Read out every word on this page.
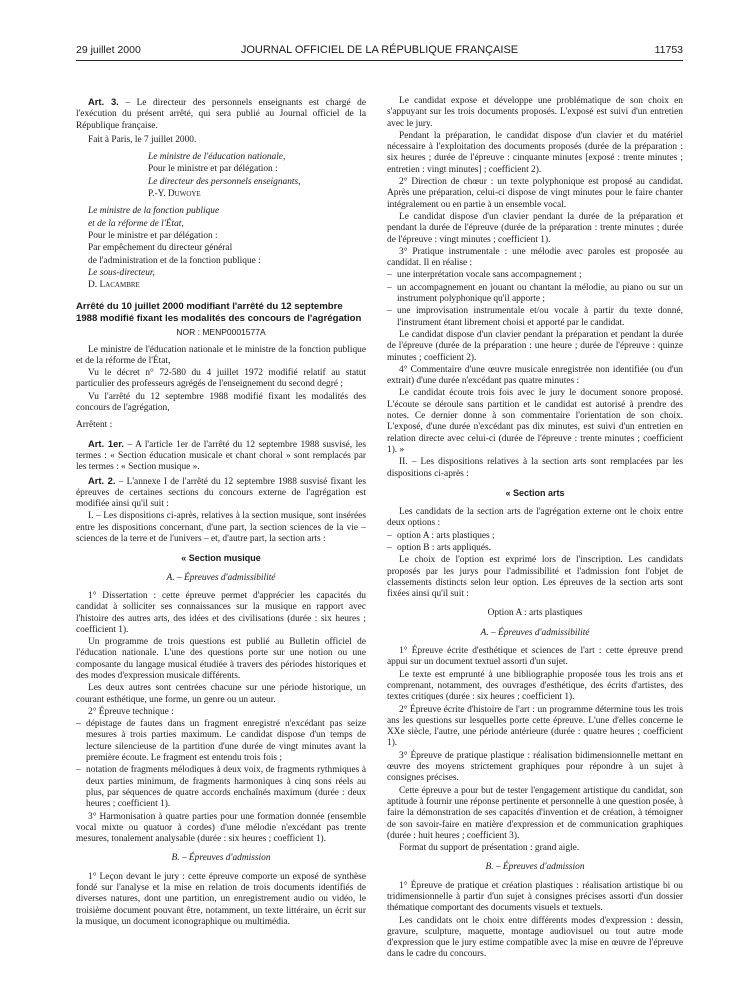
29 juillet 2000	JOURNAL OFFICIEL DE LA RÉPUBLIQUE FRANÇAISE	11753

Art. 3. – Le directeur des personnels enseignants est chargé de l'exécution du présent arrêté, qui sera publié au Journal officiel de la République française.

Fait à Paris, le 7 juillet 2000.

Le ministre de l'éducation nationale,

Pour le ministre et par délégation :

Le directeur des personnels enseignants,

P.-Y. Duwoye

Le ministre de la fonction publique

et de la réforme de l'État,

Pour le ministre et par délégation :

Par empêchement du directeur général

de l'administration et de la fonction publique :

Le sous-directeur,

D. Lacambre

Arrêté du 10 juillet 2000 modifiant l'arrêté du 12 septembre 1988 modifié fixant les modalités des concours de l'agrégation
NOR : MENP0001577A

Le ministre de l'éducation nationale et le ministre de la fonction publique et de la réforme de l'État,

Vu le décret n° 72-580 du 4 juillet 1972 modifié relatif au statut particulier des professeurs agrégés de l'enseignement du second degré ;

Vu l'arrêté du 12 septembre 1988 modifié fixant les modalités des concours de l'agrégation,

Arrêtent :

Art. 1er. – A l'article 1er de l'arrêté du 12 septembre 1988 susvisé, les termes : « Section éducation musicale et chant choral » sont remplacés par les termes : « Section musique ».

Art. 2. – L'annexe I de l'arrêté du 12 septembre 1988 susvisé fixant les épreuves de certaines sections du concours externe de l'agrégation est modifiée ainsi qu'il suit :

I. – Les dispositions ci-après, relatives à la section musique, sont insérées entre les dispositions concernant, d'une part, la section sciences de la vie – sciences de la terre et de l'univers – et, d'autre part, la section arts :

« Section musique
A. – Épreuves d'admissibilité

1° Dissertation : cette épreuve permet d'apprécier les capacités du candidat à solliciter ses connaissances sur la musique en rapport avec l'histoire des autres arts, des idées et des civilisations (durée : six heures ; coefficient 1).

Un programme de trois questions est publié au Bulletin officiel de l'éducation nationale. L'une des questions porte sur une notion ou une composante du langage musical étudiée à travers des périodes historiques et des modes d'expression musicale différents.

Les deux autres sont centrées chacune sur une période historique, un courant esthétique, une forme, un genre ou un auteur.

2° Épreuve technique :

– dépistage de fautes dans un fragment enregistré n'excédant pas seize mesures à trois parties maximum. Le candidat dispose d'un temps de lecture silencieuse de la partition d'une durée de vingt minutes avant la première écoute. Le fragment est entendu trois fois ;

– notation de fragments mélodiques à deux voix, de fragments rythmiques à deux parties minimum, de fragments harmoniques à cinq sons réels au plus, par séquences de quatre accords enchaînés maximum (durée : deux heures ; coefficient 1).

3° Harmonisation à quatre parties pour une formation donnée (ensemble vocal mixte ou quatuor à cordes) d'une mélodie n'excédant pas trente mesures, tonalement analysable (durée : six heures ; coefficient 1).

B. – Épreuves d'admission

1° Leçon devant le jury : cette épreuve comporte un exposé de synthèse fondé sur l'analyse et la mise en relation de trois documents identifiés de diverses natures, dont une partition, un enregistrement audio ou vidéo, le troisième document pouvant être, notamment, un texte littéraire, un écrit sur la musique, un document iconographique ou multimédia.

Le candidat expose et développe une problématique de son choix en s'appuyant sur les trois documents proposés. L'exposé est suivi d'un entretien avec le jury.

Pendant la préparation, le candidat dispose d'un clavier et du matériel nécessaire à l'exploitation des documents proposés (durée de la préparation : six heures ; durée de l'épreuve : cinquante minutes [exposé : trente minutes ; entretien : vingt minutes] ; coefficient 2).

2° Direction de chœur : un texte polyphonique est proposé au candidat. Après une préparation, celui-ci dispose de vingt minutes pour le faire chanter intégralement ou en partie à un ensemble vocal.

Le candidat dispose d'un clavier pendant la durée de la préparation et pendant la durée de l'épreuve (durée de la préparation : trente minutes ; durée de l'épreuve : vingt minutes ; coefficient 1).

3° Pratique instrumentale : une mélodie avec paroles est proposée au candidat. Il en réalise :

– une interprétation vocale sans accompagnement ;

– un accompagnement en jouant ou chantant la mélodie, au piano ou sur un instrument polyphonique qu'il apporte ;

– une improvisation instrumentale et/ou vocale à partir du texte donné, l'instrument étant librement choisi et apporté par le candidat.

Le candidat dispose d'un clavier pendant la préparation et pendant la durée de l'épreuve (durée de la préparation : une heure ; durée de l'épreuve : quinze minutes ; coefficient 2).

4° Commentaire d'une œuvre musicale enregistrée non identifiée (ou d'un extrait) d'une durée n'excédant pas quatre minutes :

Le candidat écoute trois fois avec le jury le document sonore proposé. L'écoute se déroule sans partition et le candidat est autorisé à prendre des notes. Ce dernier donne à son commentaire l'orientation de son choix. L'exposé, d'une durée n'excédant pas dix minutes, est suivi d'un entretien en relation directe avec celui-ci (durée de l'épreuve : trente minutes ; coefficient 1). »

II. – Les dispositions relatives à la section arts sont remplacées par les dispositions ci-après :

« Section arts

Les candidats de la section arts de l'agrégation externe ont le choix entre deux options :

– option A : arts plastiques ;

– option B : arts appliqués.

Le choix de l'option est exprimé lors de l'inscription. Les candidats proposés par les jurys pour l'admissibilité et l'admission font l'objet de classements distincts selon leur option. Les épreuves de la section arts sont fixées ainsi qu'il suit :

Option A : arts plastiques
A. – Épreuves d'admissibilité

1° Épreuve écrite d'esthétique et sciences de l'art : cette épreuve prend appui sur un document textuel assorti d'un sujet.

Le texte est emprunté à une bibliographie proposée tous les trois ans et comprenant, notamment, des ouvrages d'esthétique, des écrits d'artistes, des textes critiques (durée : six heures ; coefficient 1).

2° Épreuve écrite d'histoire de l'art : un programme détermine tous les trois ans les questions sur lesquelles porte cette épreuve. L'une d'elles concerne le XXe siècle, l'autre, une période antérieure (durée : quatre heures ; coefficient 1).

3° Épreuve de pratique plastique : réalisation bidimensionnelle mettant en œuvre des moyens strictement graphiques pour répondre à un sujet à consignes précises.

Cette épreuve a pour but de tester l'engagement artistique du candidat, son aptitude à fournir une réponse pertinente et personnelle à une question posée, à faire la démonstration de ses capacités d'invention et de création, à témoigner de son savoir-faire en matière d'expression et de communication graphiques (durée : huit heures ; coefficient 3).

Format du support de présentation : grand aigle.

B. – Épreuves d'admission

1° Épreuve de pratique et création plastiques : réalisation artistique bi ou tridimensionnelle à partir d'un sujet à consignes précises assorti d'un dossier thématique comportant des documents visuels et textuels.

Les candidats ont le choix entre différents modes d'expression : dessin, gravure, sculpture, maquette, montage audiovisuel ou tout autre mode d'expression que le jury estime compatible avec la mise en œuvre de l'épreuve dans le cadre du concours.
